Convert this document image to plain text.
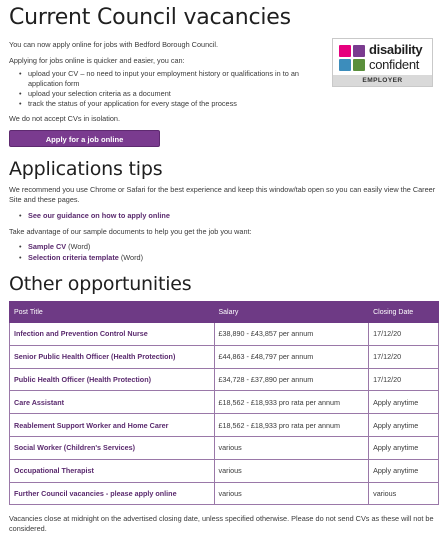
Current Council vacancies

You can now apply online for jobs with Bedford Borough Council.

Applying for jobs online is quicker and easier, you can:

• upload your CV – no need to input your employment history or qualifications in to an application form
• upload your selection criteria as a document
• track the status of your application for every stage of the process

We do not accept CVs in isolation.

Apply for a job online
Applications tips

We recommend you use Chrome or Safari for the best experience and keep this window/tab open so you can easily view the Career Site and these pages.

• See our guidance on how to apply online

Take advantage of our sample documents to help you get the job you want:

• Sample CV (Word)
• Selection criteria template (Word)
Other opportunities
disability
confident
EMPLOYER
Post Title	Salary	Closing Date
Infection and Prevention Control Nurse	£38,890 - £43,857 per annum	17/12/20
Senior Public Health Officer (Health Protection)	£44,863 - £48,797 per annum	17/12/20
Public Health Officer (Health Protection)	£34,728 - £37,890 per annum	17/12/20
Care Assistant	£18,562 - £18,933 pro rata per annum	Apply anytime
Reablement Support Worker and Home Carer	£18,562 - £18,933 pro rata per annum	Apply anytime
Social Worker (Children's Services)	various	Apply anytime
Occupational Therapist	various	Apply anytime
Further Council vacancies - please apply online	various	various

Vacancies close at midnight on the advertised closing date, unless specified otherwise. Please do not send CVs as these will not be considered.
